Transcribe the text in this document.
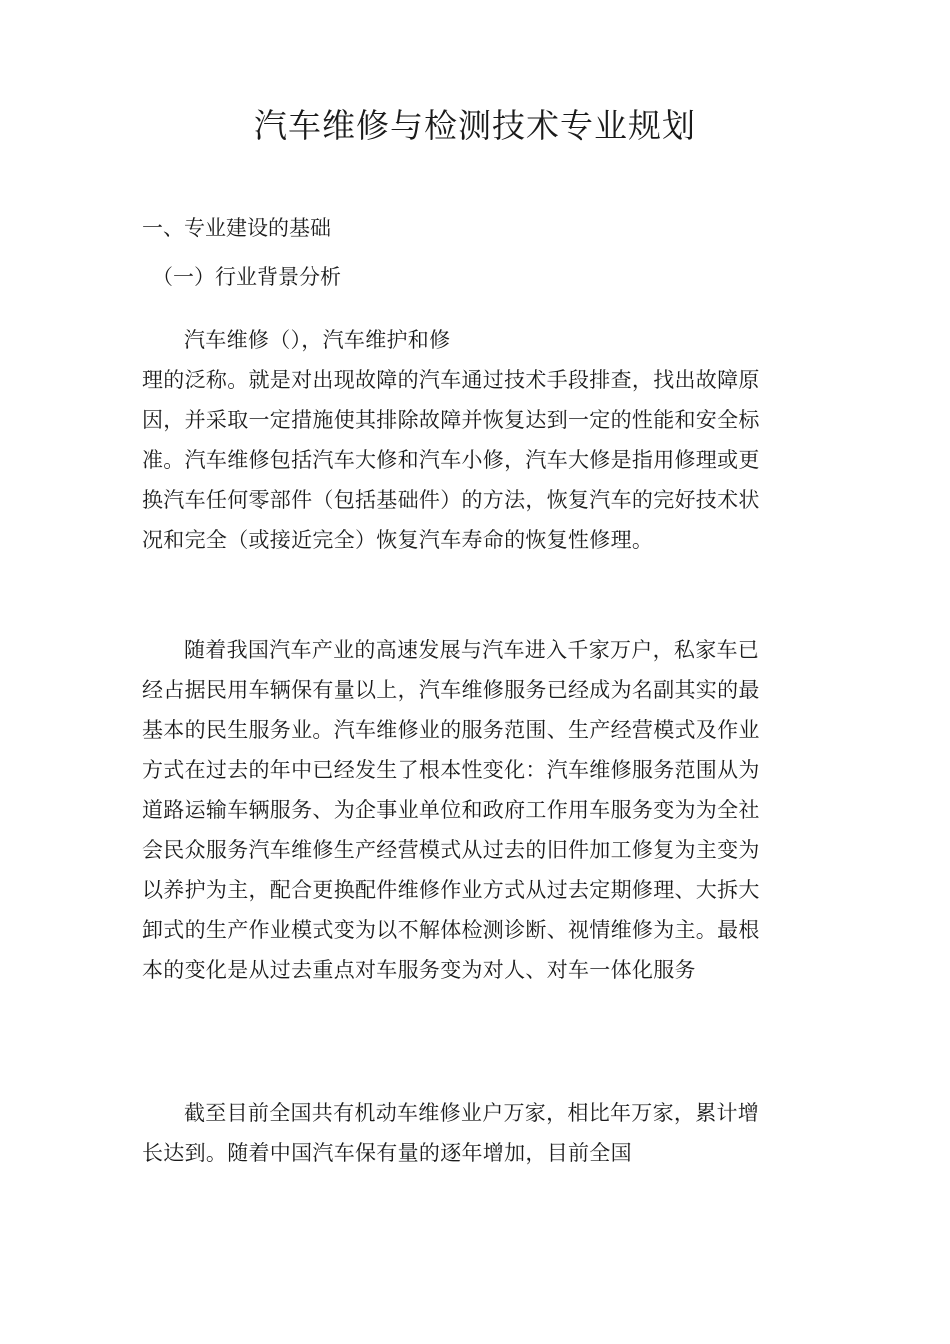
汽车维修与检测技术专业规划
一、专业建设的基础
（一）行业背景分析
汽车维修（），汽车维护和修
理的泛称。就是对出现故障的汽车通过技术手段排查，找出故障原
因，并采取一定措施使其排除故障并恢复达到一定的性能和安全标
准。汽车维修包括汽车大修和汽车小修，汽车大修是指用修理或更
换汽车任何零部件（包括基础件）的方法，恢复汽车的完好技术状
况和完全（或接近完全）恢复汽车寿命的恢复性修理。
随着我国汽车产业的高速发展与汽车进入千家万户，私家车已
经占据民用车辆保有量以上，汽车维修服务已经成为名副其实的最
基本的民生服务业。汽车维修业的服务范围、生产经营模式及作业
方式在过去的年中已经发生了根本性变化：汽车维修服务范围从为
道路运输车辆服务、为企事业单位和政府工作用车服务变为为全社
会民众服务汽车维修生产经营模式从过去的旧件加工修复为主变为
以养护为主，配合更换配件维修作业方式从过去定期修理、大拆大
卸式的生产作业模式变为以不解体检测诊断、视情维修为主。最根
本的变化是从过去重点对车服务变为对人、对车一体化服务
截至目前全国共有机动车维修业户万家，相比年万家，累计增
长达到。随着中国汽车保有量的逐年增加，目前全国
